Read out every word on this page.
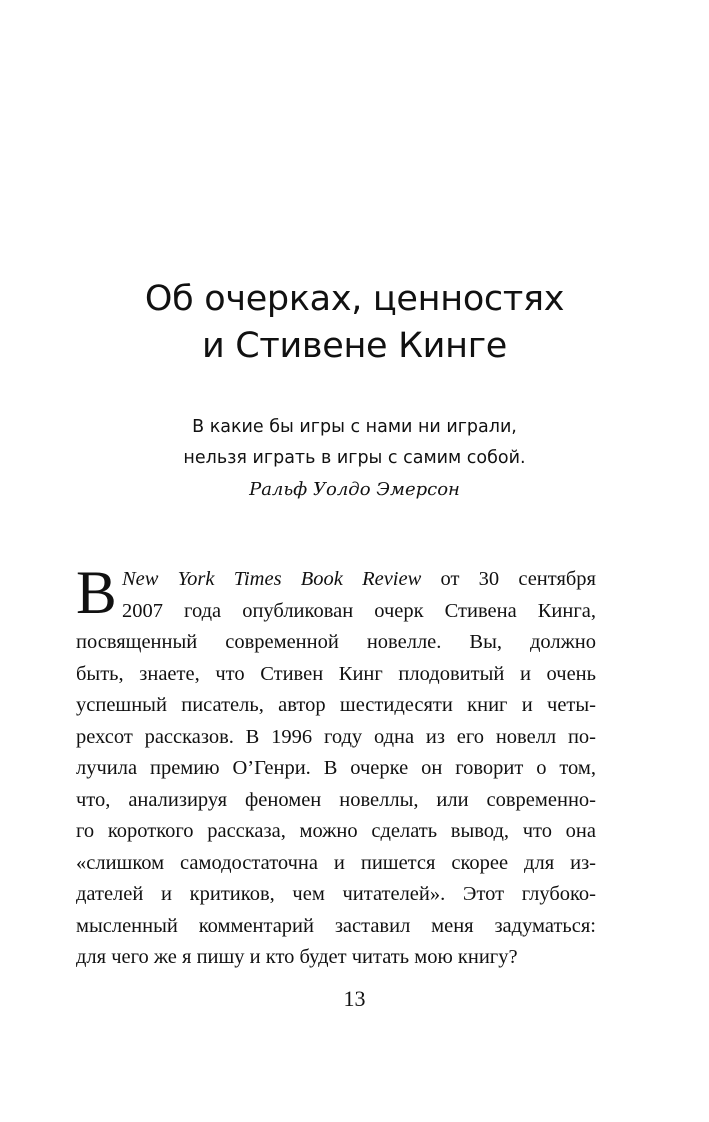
Об очерках, ценностях
и Стивене Кинге
В какие бы игры с нами ни играли,
нельзя играть в игры с самим собой.
Ральф Уолдо Эмерсон
В New York Times Book Review от 30 сентября
2007 года опубликован очерк Стивена Кинга,
посвященный современной новелле. Вы, должно
быть, знаете, что Стивен Кинг плодовитый и очень
успешный писатель, автор шестидесяти книг и четы-
рехсот рассказов. В 1996 году одна из его новелл по-
лучила премию О’Генри. В очерке он говорит о том,
что, анализируя феномен новеллы, или современно-
го короткого рассказа, можно сделать вывод, что она
«слишком самодостаточна и пишется скорее для из-
дателей и критиков, чем читателей». Этот глубоко-
мысленный комментарий заставил меня задуматься:
для чего же я пишу и кто будет читать мою книгу?
13
